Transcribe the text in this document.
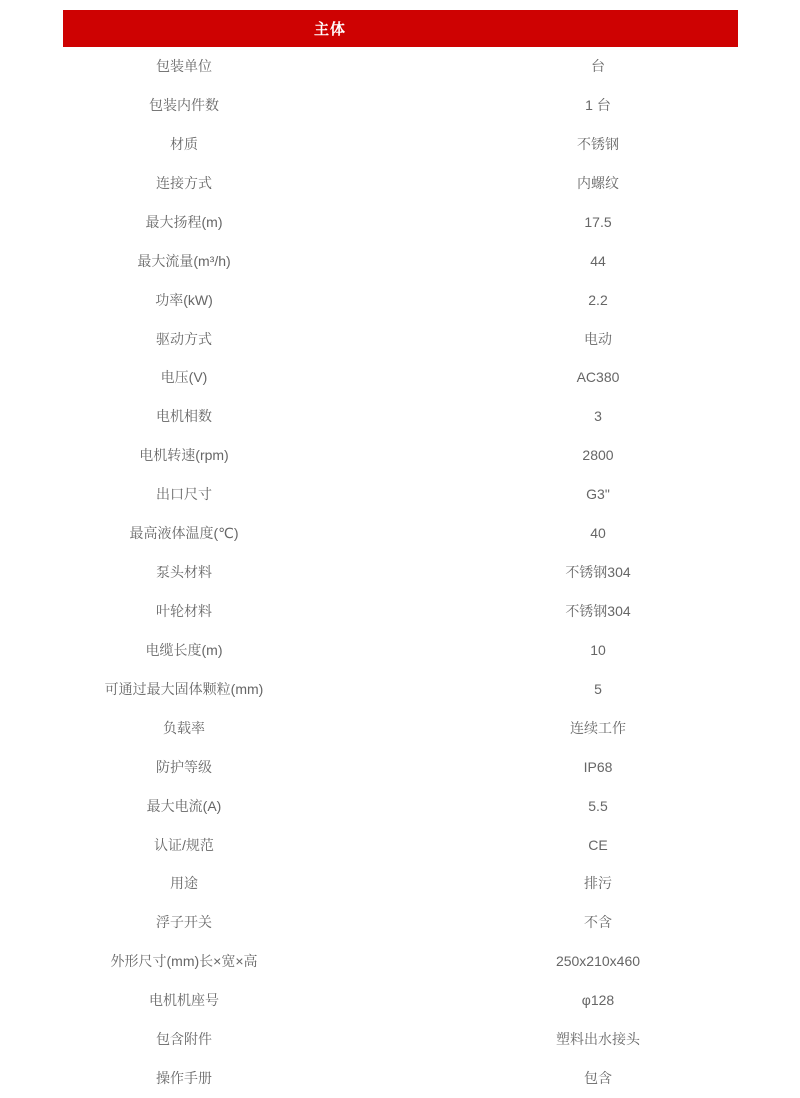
主体
包装单位	台
包装内件数	1 台
材质	不锈钢
连接方式	内螺纹
最大扬程(m)	17.5
最大流量(m³/h)	44
功率(kW)	2.2
驱动方式	电动
电压(V)	AC380
电机相数	3
电机转速(rpm)	2800
出口尺寸	G3"
最高液体温度(℃)	40
泵头材料	不锈钢304
叶轮材料	不锈钢304
电缆长度(m)	10
可通过最大固体颗粒(mm)	5
负载率	连续工作
防护等级	IP68
最大电流(A)	5.5
认证/规范	CE
用途	排污
浮子开关	不含
外形尺寸(mm)长×宽×高	250x210x460
电机机座号	φ128
包含附件	塑料出水接头
操作手册	包含
